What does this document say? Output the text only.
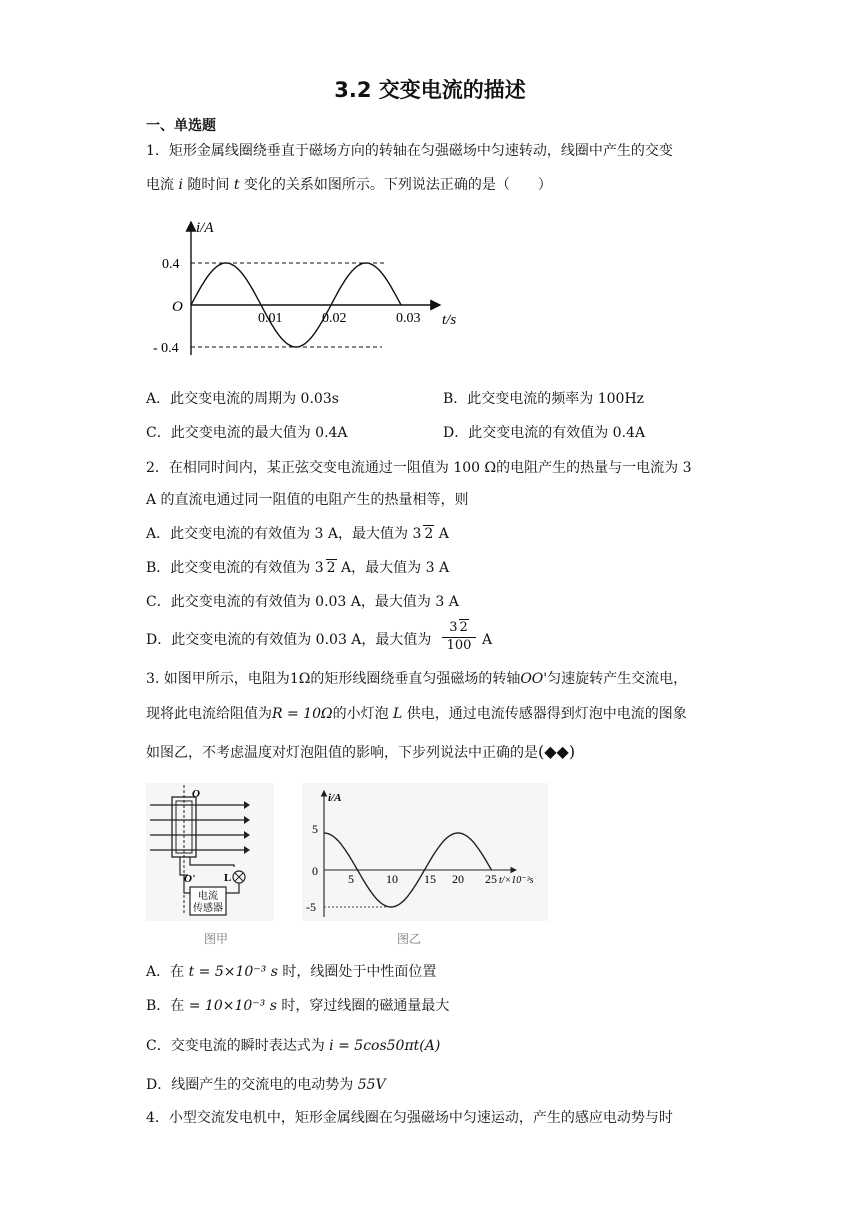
3.2 交变电流的描述
一、单选题
1．矩形金属线圈绕垂直于磁场方向的转轴在匀强磁场中匀速转动，线圈中产生的交变
电流 i 随时间 t 变化的关系如图所示。下列说法正确的是（　　）
i/A
0.4
O
- 0.4
0.01	0.02	0.03 t/s
A．此交变电流的周期为 0.03s	B．此交变电流的频率为 100Hz
C．此交变电流的最大值为 0.4A	D．此交变电流的有效值为 0.4A
2．在相同时间内，某正弦交变电流通过一阻值为 100 Ω的电阻产生的热量与一电流为 3
A 的直流电通过同一阻值的电阻产生的热量相等，则
A．此交变电流的有效值为 3 A，最大值为 3 2 A
B．此交变电流的有效值为 3 2 A，最大值为 3 A
C．此交变电流的有效值为 0.03 A，最大值为 3 A
D．此交变电流的有效值为 0.03 A，最大值为
3 2
100 A
3. 如图甲所示，电阻为1Ω的矩形线圈绕垂直匀强磁场的转轴OO'匀速旋转产生交流电，
现将此电流给阻值为R = 10Ω的小灯泡 L 供电，通过电流传感器得到灯泡中电流的图象
如图乙，不考虑温度对灯泡阻值的影响，下步列说法中正确的是(◆◆)
O
O'	L
电流
传感器
图甲
i/A
5
0
-5
5	10 15 20 25 t/×10⁻³s
图乙
A．在 t = 5×10⁻³ s 时，线圈处于中性面位置
B．在 = 10×10⁻³ s 时，穿过线圈的磁通量最大
C．交变电流的瞬时表达式为 i = 5cos50πt(A)
D．线圈产生的交流电的电动势为 55V
4．小型交流发电机中，矩形金属线圈在匀强磁场中匀速运动，产生的感应电动势与时
